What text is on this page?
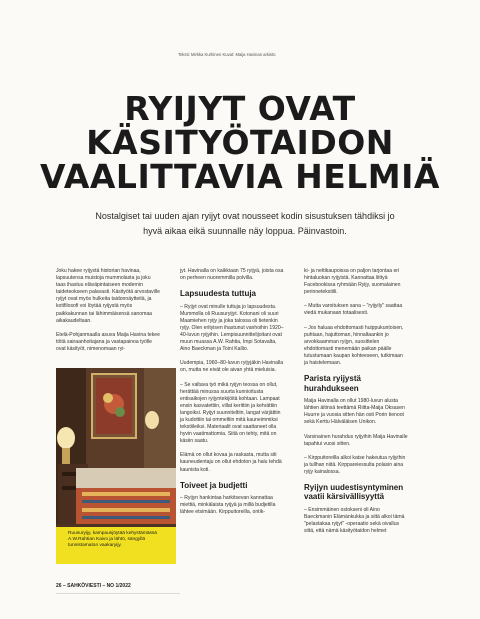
Teksti: Mirkka Kurhinen Kuvat: Maija Havinan arkisto
RYIJYT OVAT
KÄSITYÖTAIDON
VAALITTAVIA HELMIÄ
Nostalgiset tai uuden ajan ryijyt ovat nousseet kodin sisustuksen tähdiksi jo hyvä aikaa eikä suunnalle näy loppua. Päinvastoin.

Joku hakee ryijystä historian havinaa, lapsuutensa muistoja mummolasta ja joku taas ihastuu eläväpintaiseen modernin taideteokseen palavasti. Käsityötä arvostaville ryijyt ovat myös hulkeita taidonnäytteitä, ja kotifilosofi voi löytää ryijystä myös paikkakunnan tai lähimmäisensä sanomaa aikakaudeltaan.

Etelä-Pohjanmaalla asuva Maija Havina tekee töitä sairaanhoitajana ja vastapainoa työlle ovat käsityöt, nimenomaan ryi-

Ruusuryijy, kampausjöytää kehystämässä A.W.Rahtian Kaivo ja lähtö, sängyllä tunnistamaton vaakaryijy.

jyt. Havinalla on kaikkiaan 75 ryijyä, joista osa on perheen nuoremmilla polvilla.

Lapsuudesta tuttuja

– Ryijyt ovat minulle tuttuja jo lapsuudesta. Mummolla oli Ruusuryijyt. Kotonani oli suuri Maamiehen ryijy ja joka talossa oli tietenkin ryijy. Olen erityisen ihastunut vanhoihin 1920–40-luvun ryijyihin. Lempisuunnittelijoitani ovat muun muassa A.W. Rahtia, Impi Sotavalta, Aino Baeckman ja Toini Kallio.

Uudempia, 1960–80-luvun ryijyjäkin Havinalla on, mutta ne eivät ole aivan yhtä mieluisia.

– Se valtava työ mikä ryijyn teossa on ollut, herättää minussa suurta kunnioitusta entisaikojen ryijyntekijöitä kohtaan. Lampaat ensin kasvatettiin, villat kerittiin ja kehrättiin langoiksi. Ryijyt suunniteltiin, langat värjättiin ja kudottiin tai ommeltiin mitä kauneimmiksi tekstiileiksi. Materiaalit ovat saattaneet olla hyvin vaatimattomia. Siitä on tehty, mitä on käsiin saatu.

Elämä on ollut kovaa ja raskasta, mutta siti kauneudentaju on ollut ehdoton ja halu tehdä kaunista koti.

Toiveet ja budjetti

– Ryijyn hankintaa harkitsevan kannattaa miettiä, minkälaista ryijyä ja millä budjetilla lähtee etsimään. Kirppuitoreilla, ontik-

ki- ja nettikaupoissa on paljon tarjontaa eri hintaluokan ryijyistä. Kannattaa liittyä Facebookissa ryhmään Ryijy, suomalainen perinnetekstiili.

– Mutta varoituksen sana – "ryijyily" saattaa viedä mukanaan totaalisesti.

– Jos haluaa ehdottomasti huippukuntoisen, puhtaan, hajuttoman, hinnaltaankin jo arvokkaamman ryijyn, suosittelen ehdottomasti menemään paikan päälle tutustumaan kaupan kohteeseen, tutkimaan ja haistelemaan.

Parista ryijystä hurahdukseen

Maija Havinalla on ollut 1980-luvun alusta lähtien äitinsä teettämä Riitta-Maija Oksasen Huurre ja vuosia sitten hän osti Porin tienoot sekä Kerttu Hälväläisen Unikon.

Varsinainen hurahdus ryijyihin Maija Havinalle tapahtui vuosi sitten.

– Kirppuitoreilla alkoi katse hakeutua ryijyihin ja tullhan niitä. Kirppareiessulta polasin aina ryijy kainalossa.

Ryijyn uudestisyntyminen vaatii kärsivällisyyttä

– Ensimmäinen ostokseni oli Aino Baeckmanin Elämänkukka ja siitä alkoi tämä "pelastakaa ryijyt" -operaatio sekä oivallus siitä, että nämä käsityötaidon helmet

26 – SAHKÖVIESTI – NO 1/2022
